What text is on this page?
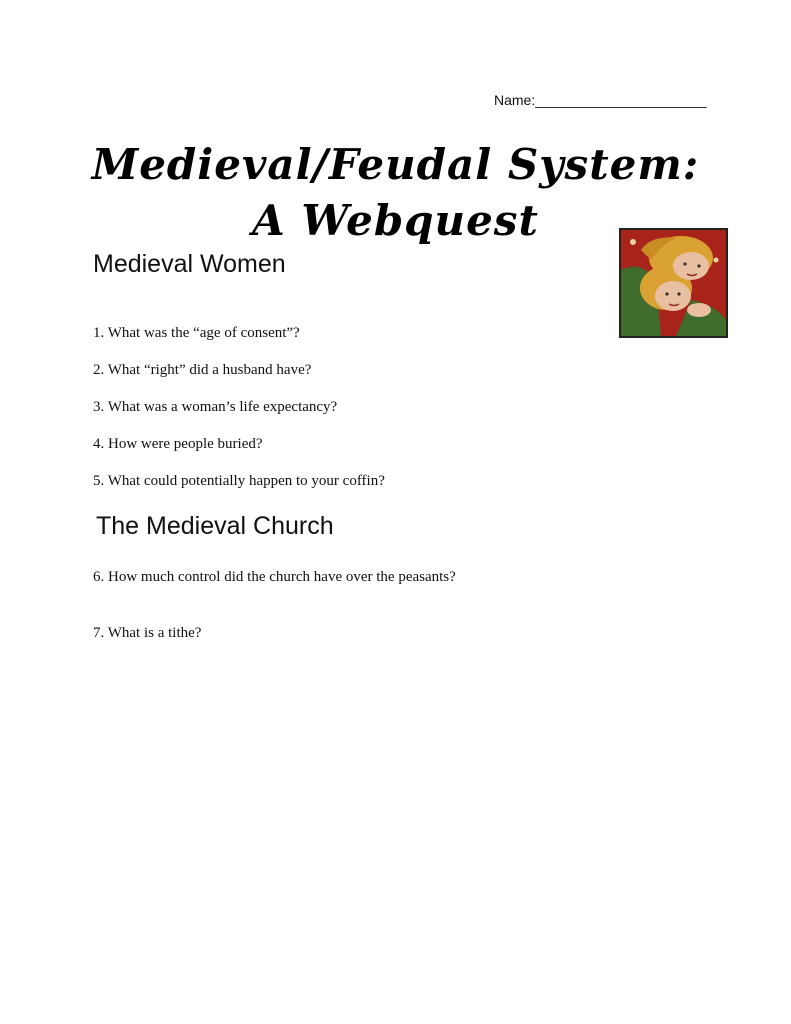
Name:______________________
Medieval/Feudal System:
A Webquest
Medieval Women
1. What was the “age of consent”?
2. What “right” did a husband have?
3. What was a woman’s life expectancy?
4. How were people buried?
5. What could potentially happen to your coffin?
The Medieval Church
6. How much control did the church have over the peasants?
7. What is a tithe?
